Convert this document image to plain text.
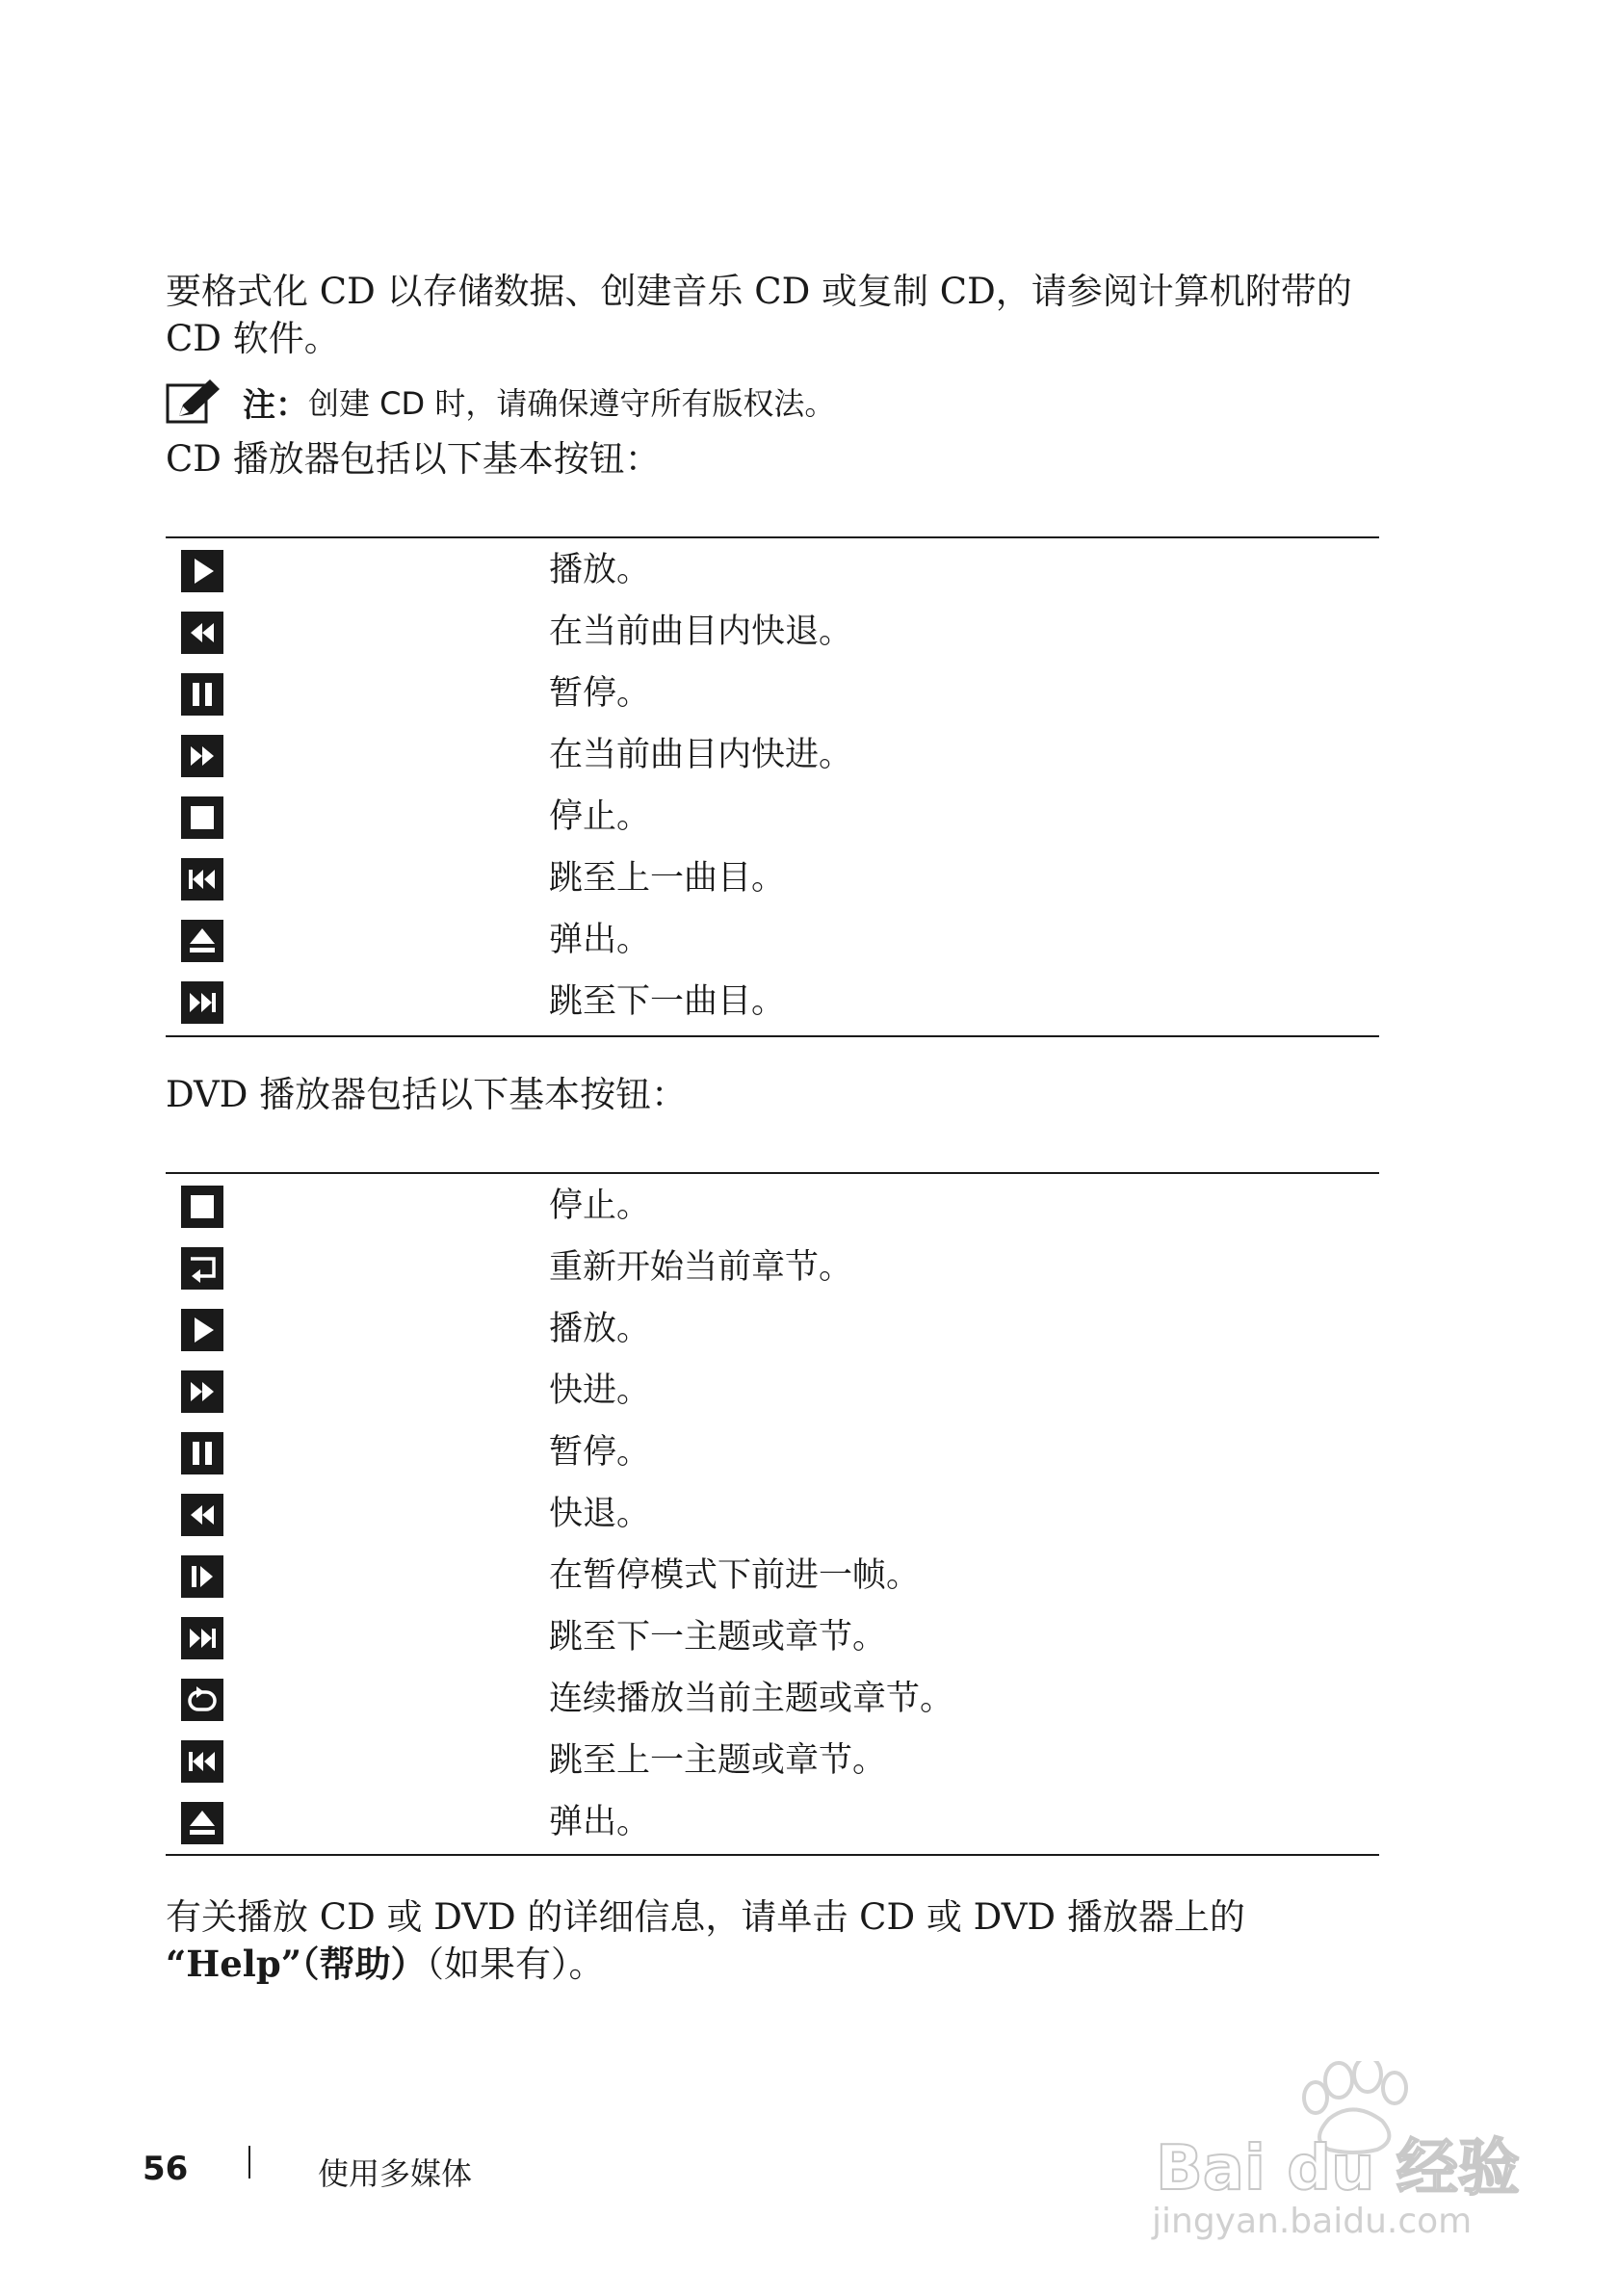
要格式化 CD 以存储数据、创建音乐 CD 或复制 CD，请参阅计算机附带的 CD 软件。

注： 创建 CD 时，请确保遵守所有版权法。

CD 播放器包括以下基本按钮：

播放。
在当前曲目内快退。
暂停。
在当前曲目内快进。
停止。
跳至上一曲目。
弹出。
跳至下一曲目。

DVD 播放器包括以下基本按钮：

停止。
重新开始当前章节。
播放。
快进。
暂停。
快退。
在暂停模式下前进一帧。
跳至下一主题或章节。
连续播放当前主题或章节。
跳至上一主题或章节。
弹出。

有关播放 CD 或 DVD 的详细信息，请单击 CD 或 DVD 播放器上的
“Help”（帮助）（如果有）。

56	使用多媒体	Bai du 经验
jingyan.baidu.com
